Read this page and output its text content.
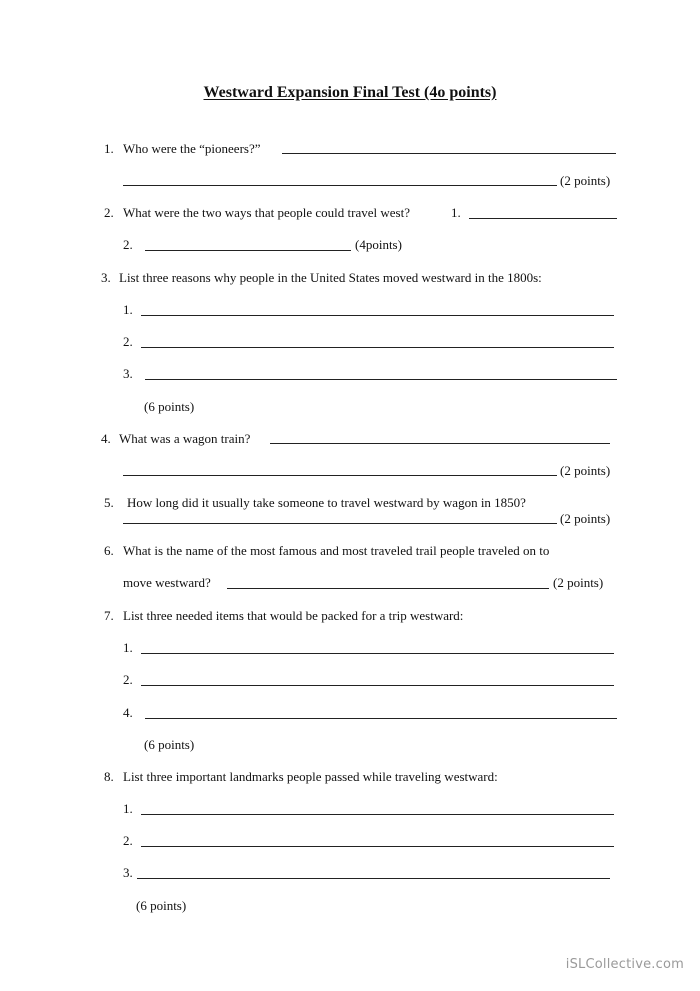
Westward Expansion Final Test (4o points)
1. Who were the “pioneers?”
(2 points)
2. What were the two ways that people could travel west?	1.
2.	(4points)
3. List three reasons why people in the United States moved westward in the 1800s:
1.
2.
3.
(6 points)
4. What was a wagon train?
(2 points)
5. How long did it usually take someone to travel westward by wagon in 1850?
(2 points)
6. What is the name of the most famous and most traveled trail people traveled on to
move westward?	(2 points)
7. List three needed items that would be packed for a trip westward:
1.
2.
4.
(6 points)
8. List three important landmarks people passed while traveling westward:
1.
2.
3.
(6 points)
iSLCollective.com
